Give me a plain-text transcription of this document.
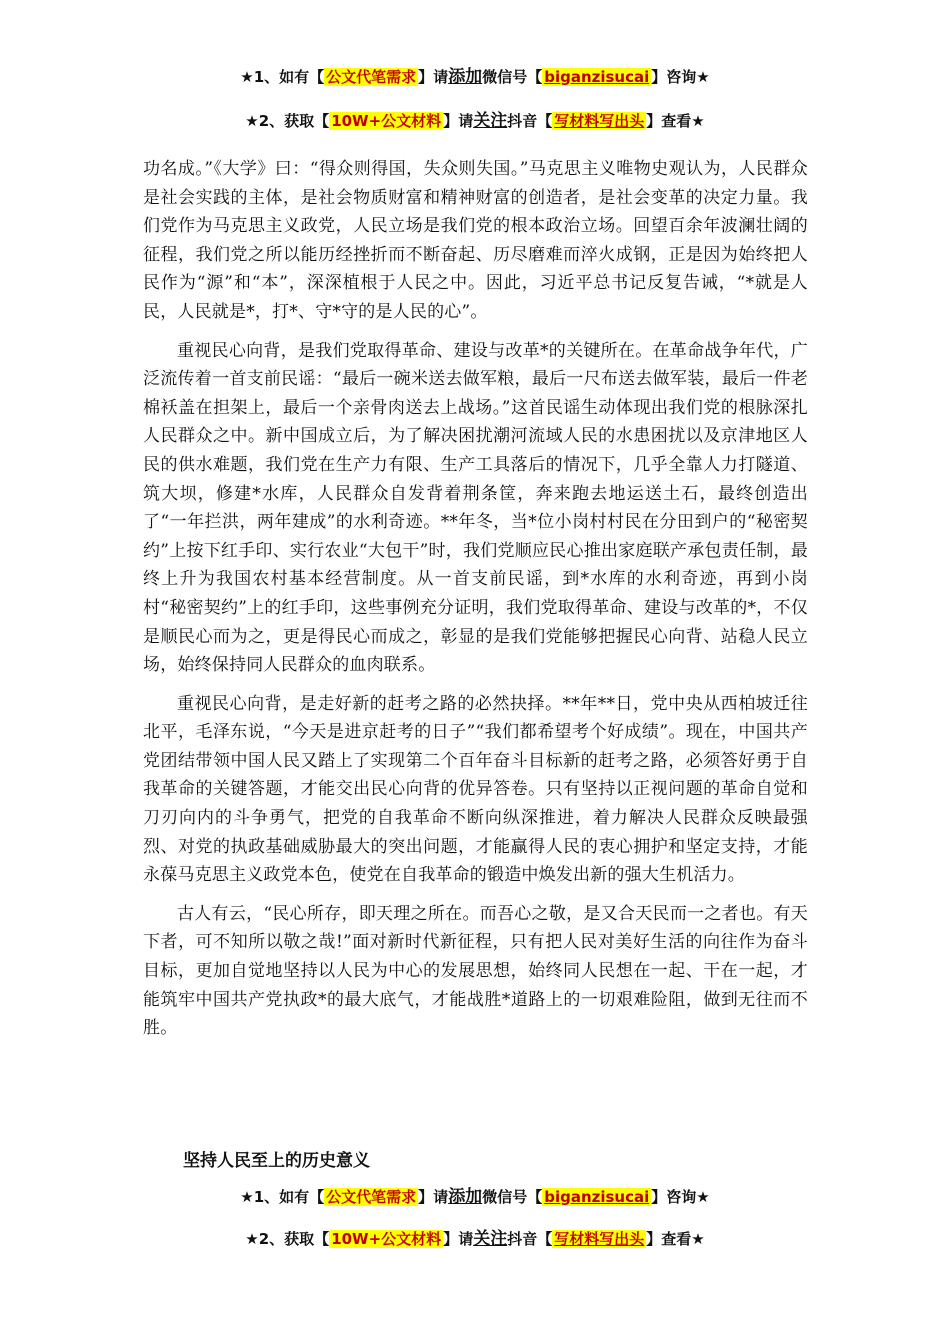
★1、如有【 公文代笔需求 】请添加微信号【 biganzisucai 】咨询★
★2、获取【 10W+公文材料 】请关注抖音【 写材料写出头 】查看★

功名成。”《大学》曰：“得众则得国，失众则失国。”马克思主义唯物史观认为，人民群众是社会实践的主体，是社会物质财富和精神财富的创造者，是社会变革的决定力量。我们党作为马克思主义政党，人民立场是我们党的根本政治立场。回望百余年波澜壮阔的征程，我们党之所以能历经挫折而不断奋起、历尽磨难而淬火成钢，正是因为始终把人民作为“源”和“本”，深深植根于人民之中。因此，习近平总书记反复告诫，“*就是人民，人民就是*，打*、守*守的是人民的心”。

重视民心向背，是我们党取得革命、建设与改革*的关键所在。在革命战争年代，广泛流传着一首支前民谣：“最后一碗米送去做军粮，最后一尺布送去做军装，最后一件老棉袄盖在担架上，最后一个亲骨肉送去上战场。”这首民谣生动体现出我们党的根脉深扎人民群众之中。新中国成立后，为了解决困扰潮河流域人民的水患困扰以及京津地区人民的供水难题，我们党在生产力有限、生产工具落后的情况下，几乎全靠人力打隧道、筑大坝，修建*水库，人民群众自发背着荆条筐，奔来跑去地运送土石，最终创造出了“一年拦洪，两年建成”的水利奇迹。**年冬，当*位小岗村村民在分田到户的“秘密契约”上按下红手印、实行农业“大包干”时，我们党顺应民心推出家庭联产承包责任制，最终上升为我国农村基本经营制度。从一首支前民谣，到*水库的水利奇迹，再到小岗村“秘密契约”上的红手印，这些事例充分证明，我们党取得革命、建设与改革的*，不仅是顺民心而为之，更是得民心而成之，彰显的是我们党能够把握民心向背、站稳人民立场，始终保持同人民群众的血肉联系。

重视民心向背，是走好新的赶考之路的必然抉择。**年**日，党中央从西柏坡迁往北平，毛泽东说，“今天是进京赶考的日子”“我们都希望考个好成绩”。现在，中国共产党团结带领中国人民又踏上了实现第二个百年奋斗目标新的赶考之路，必须答好勇于自我革命的关键答题，才能交出民心向背的优异答卷。只有坚持以正视问题的革命自觉和刀刃向内的斗争勇气，把党的自我革命不断向纵深推进，着力解决人民群众反映最强烈、对党的执政基础威胁最大的突出问题，才能赢得人民的衷心拥护和坚定支持，才能永葆马克思主义政党本色，使党在自我革命的锻造中焕发出新的强大生机活力。

古人有云，“民心所存，即天理之所在。而吾心之敬，是又合天民而一之者也。有天下者，可不知所以敬之哉!”面对新时代新征程，只有把人民对美好生活的向往作为奋斗目标，更加自觉地坚持以人民为中心的发展思想，始终同人民想在一起、干在一起，才能筑牢中国共产党执政*的最大底气，才能战胜*道路上的一切艰难险阻，做到无往而不胜。

坚持人民至上的历史意义
★1、如有【 公文代笔需求 】请添加微信号【 biganzisucai 】咨询★
★2、获取【 10W+公文材料 】请关注抖音【 写材料写出头 】查看★
